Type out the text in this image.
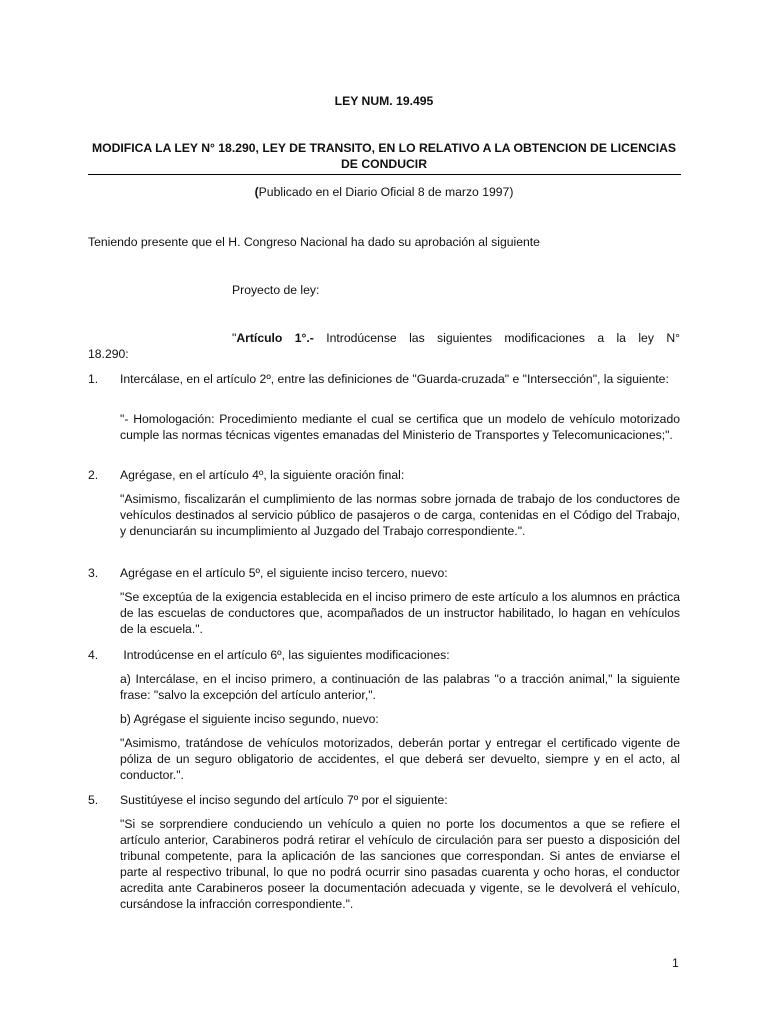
LEY NUM. 19.495
MODIFICA LA LEY N° 18.290, LEY DE TRANSITO, EN LO RELATIVO A LA OBTENCION DE LICENCIAS DE CONDUCIR
(Publicado en el Diario Oficial 8 de marzo 1997)
Teniendo presente que el H. Congreso Nacional ha dado su aprobación al siguiente
Proyecto de ley:
"Artículo 1°.- Introdúcense las siguientes modificaciones a la ley N°
18.290:
1. Intercálase, en el artículo 2º, entre las definiciones de "Guarda-cruzada" e "Intersección", la siguiente:
"- Homologación: Procedimiento mediante el cual se certifica que un modelo de vehículo motorizado cumple las normas técnicas vigentes emanadas del Ministerio de Transportes y Telecomunicaciones;".
2. Agrégase, en el artículo 4º, la siguiente oración final:
"Asimismo, fiscalizarán el cumplimiento de las normas sobre jornada de trabajo de los conductores de vehículos destinados al servicio público de pasajeros o de carga, contenidas en el Código del Trabajo, y denunciarán su incumplimiento al Juzgado del Trabajo correspondiente.".
3. Agrégase en el artículo 5º, el siguiente inciso tercero, nuevo:
"Se exceptúa de la exigencia establecida en el inciso primero de este artículo a los alumnos en práctica de las escuelas de conductores que, acompañados de un instructor habilitado, lo hagan en vehículos de la escuela.".
4. Introdúcense en el artículo 6º, las siguientes modificaciones:
a) Intercálase, en el inciso primero, a continuación de las palabras "o a tracción animal," la siguiente frase: "salvo la excepción del artículo anterior,".
b) Agrégase el siguiente inciso segundo, nuevo:
"Asimismo, tratándose de vehículos motorizados, deberán portar y entregar el certificado vigente de póliza de un seguro obligatorio de accidentes, el que deberá ser devuelto, siempre y en el acto, al conductor.".
5. Sustitúyese el inciso segundo del artículo 7º por el siguiente:
"Si se sorprendiere conduciendo un vehículo a quien no porte los documentos a que se refiere el artículo anterior, Carabineros podrá retirar el vehículo de circulación para ser puesto a disposición del tribunal competente, para la aplicación de las sanciones que correspondan. Si antes de enviarse el parte al respectivo tribunal, lo que no podrá ocurrir sino pasadas cuarenta y ocho horas, el conductor acredita ante Carabineros poseer la documentación adecuada y vigente, se le devolverá el vehículo, cursándose la infracción correspondiente.".
1
